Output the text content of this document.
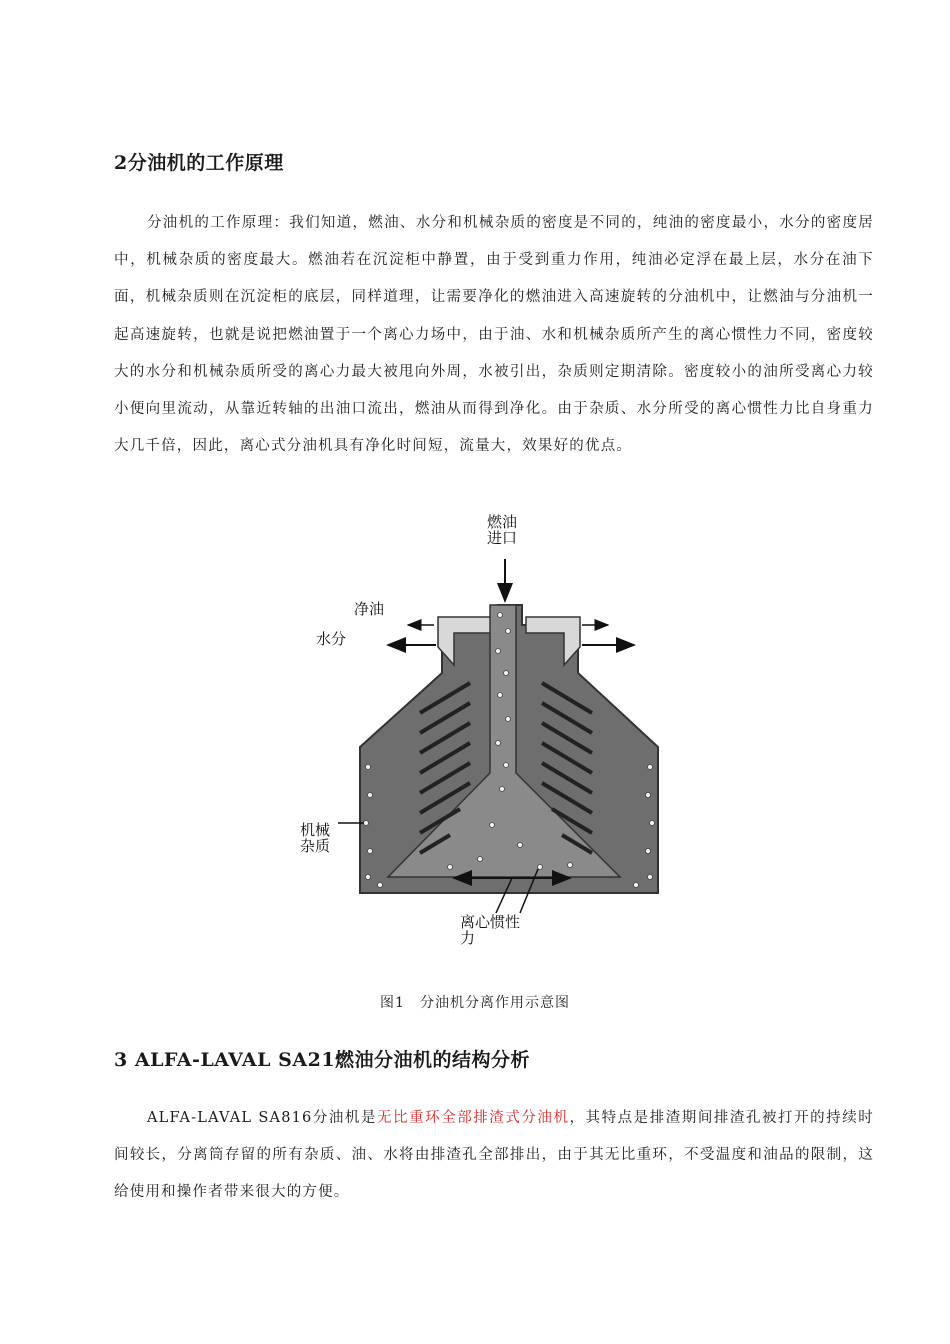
2分油机的工作原理
分油机的工作原理：我们知道，燃油、水分和机械杂质的密度是不同的，纯油的密度最小，水分的密度居中，机械杂质的密度最大。燃油若在沉淀柜中静置，由于受到重力作用，纯油必定浮在最上层，水分在油下面，机械杂质则在沉淀柜的底层，同样道理，让需要净化的燃油进入高速旋转的分油机中，让燃油与分油机一起高速旋转，也就是说把燃油置于一个离心力场中，由于油、水和机械杂质所产生的离心惯性力不同，密度较大的水分和机械杂质所受的离心力最大被甩向外周，水被引出，杂质则定期清除。密度较小的油所受离心力较小便向里流动，从靠近转轴的出油口流出，燃油从而得到净化。由于杂质、水分所受的离心惯性力比自身重力大几千倍，因此，离心式分油机具有净化时间短，流量大，效果好的优点。
燃油
进口
净油
水分
机械
杂质
离心惯性
力
图1　分油机分离作用示意图
3 ALFA-LAVAL SA21燃油分油机的结构分析
ALFA-LAVAL SA816分油机是无比重环全部排渣式分油机，其特点是排渣期间排渣孔被打开的持续时间较长，分离筒存留的所有杂质、油、水将由排渣孔全部排出，由于其无比重环，不受温度和油品的限制，这给使用和操作者带来很大的方便。
